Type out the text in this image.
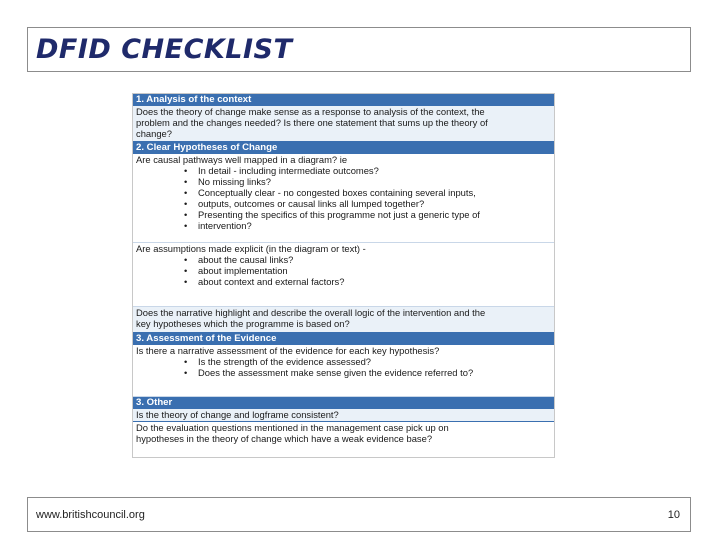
DFID CHECKLIST
1. Analysis of the context
Does the theory of change make sense as a response to analysis of the context, the
problem and the changes needed? Is there one statement that sums up the theory of
change?
2. Clear Hypotheses of Change
Are causal pathways well mapped in a diagram? ie
• In detail - including intermediate outcomes?
• No missing links?
• Conceptually clear - no congested boxes containing several inputs,
• outputs, outcomes or causal links all lumped together?
• Presenting the specifics of this programme not just a generic type of
• intervention?
Are assumptions made explicit (in the diagram or text) -
• about the causal links?
• about implementation
• about context and external factors?
Does the narrative highlight and describe the overall logic of the intervention and the
key hypotheses which the programme is based on?
3. Assessment of the Evidence
Is there a narrative assessment of the evidence for each key hypothesis?
• Is the strength of the evidence assessed?
• Does the assessment make sense given the evidence referred to?
3. Other
Is the theory of change and logframe consistent?
Do the evaluation questions mentioned in the management case pick up on
hypotheses in the theory of change which have a weak evidence base?
www.britishcouncil.org	10
